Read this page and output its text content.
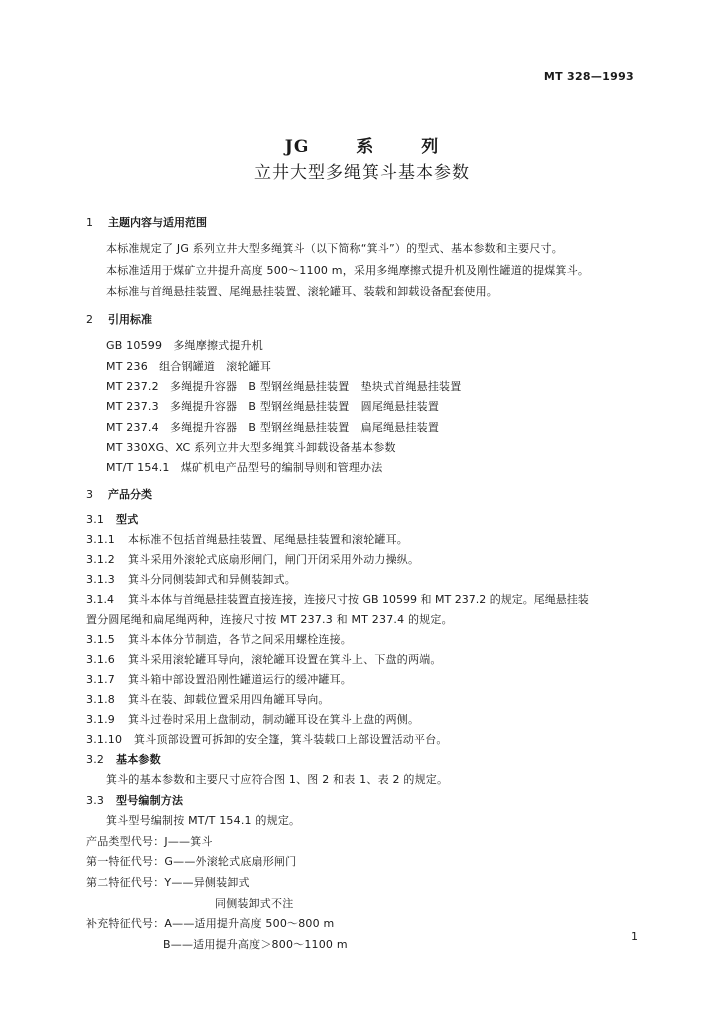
MT 328—1993
JG 系 列
立井大型多绳箕斗基本参数
1 主题内容与适用范围
本标准规定了 JG 系列立井大型多绳箕斗（以下简称“箕斗”）的型式、基本参数和主要尺寸。
本标准适用于煤矿立井提升高度 500～1100 m，采用多绳摩擦式提升机及刚性罐道的提煤箕斗。
本标准与首绳悬挂装置、尾绳悬挂装置、滚轮罐耳、装载和卸载设备配套使用。
2 引用标准
GB 10599　多绳摩擦式提升机
MT 236　组合钢罐道　滚轮罐耳
MT 237.2　多绳提升容器　B 型钢丝绳悬挂装置　垫块式首绳悬挂装置
MT 237.3　多绳提升容器　B 型钢丝绳悬挂装置　圆尾绳悬挂装置
MT 237.4　多绳提升容器　B 型钢丝绳悬挂装置　扁尾绳悬挂装置
MT 330XG、XC 系列立井大型多绳箕斗卸载设备基本参数
MT/T 154.1　煤矿机电产品型号的编制导则和管理办法
3 产品分类
3.1 型式
3.1.1 本标准不包括首绳悬挂装置、尾绳悬挂装置和滚轮罐耳。
3.1.2 箕斗采用外滚轮式底扇形闸门，闸门开闭采用外动力操纵。
3.1.3 箕斗分同侧装卸式和异侧装卸式。
3.1.4 箕斗本体与首绳悬挂装置直接连接，连接尺寸按 GB 10599 和 MT 237.2 的规定。尾绳悬挂装
置分圆尾绳和扁尾绳两种，连接尺寸按 MT 237.3 和 MT 237.4 的规定。
3.1.5 箕斗本体分节制造，各节之间采用螺栓连接。
3.1.6 箕斗采用滚轮罐耳导向，滚轮罐耳设置在箕斗上、下盘的两端。
3.1.7 箕斗箱中部设置沿刚性罐道运行的缓冲罐耳。
3.1.8 箕斗在装、卸载位置采用四角罐耳导向。
3.1.9 箕斗过卷时采用上盘制动，制动罐耳设在箕斗上盘的两侧。
3.1.10 箕斗顶部设置可拆卸的安全篷，箕斗装载口上部设置活动平台。
3.2 基本参数
箕斗的基本参数和主要尺寸应符合图 1、图 2 和表 1、表 2 的规定。
3.3 型号编制方法
箕斗型号编制按 MT/T 154.1 的规定。
产品类型代号：J——箕斗
第一特征代号：G——外滚轮式底扇形闸门
第二特征代号：Y——异侧装卸式
同侧装卸式不注
补充特征代号：A——适用提升高度 500～800 m
B——适用提升高度＞800～1100 m
1
